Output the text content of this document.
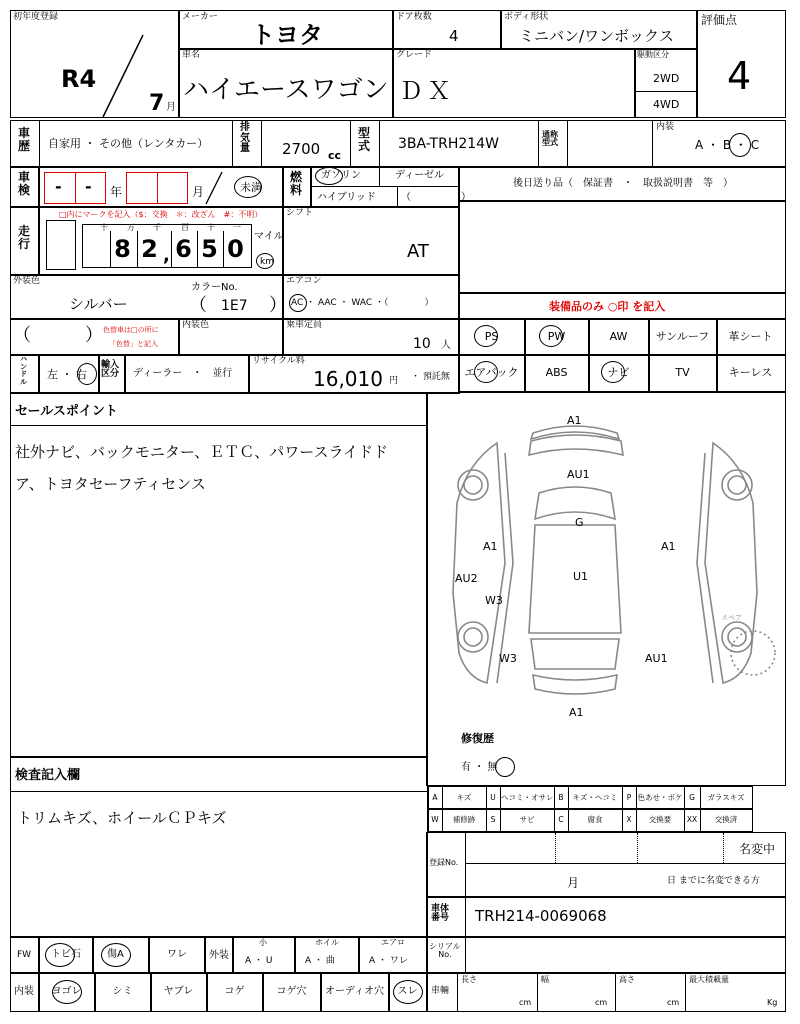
初年度登録
R4
7 月
メーカー
トヨタ
ドア枚数
4
ボディ形状
ミニバン/ワンボックス
評価点
4
車名
ハイエースワゴン
グレード
ＤＸ
駆動区分
2WD
4WD
車
歴 自家用 ・ その他（レンタカー）
排
気
量 2700 cc
型
式 3BA-TRH214W
通称
型式
内装
A ・ B ・ C
車
検 - - 年	月	未満
燃
料
ガソリン	ディーゼル
ハイブリッド	（　　　　　）
後日送り品（　保証書　・　取扱説明書　等　）
走
行
□内にマークを記入（$：交換　＊：改ざん　#：不明）
十 万 千	百 十 一
8 2 , 6 5 0	マイル
km
シフト
AT
外装色
シルバー
カラーNo.
（ 1E7 ）
エアコン
AC ・ AAC ・ WAC ・（　　　　）	装備品のみ ○印 を記入
（	） 色替車は□の所に
「色替」と記入
内装色	乗車定員
10 人
PS	PW	AW	サンルーフ	革シート
エアバック	ABS	ナビ	TV	キーレス
ハ
ン
ド
ル
左 ・ 右
輸入
区分 ディーラー　・　並行
リサイクル料
16,010 円 ・ 預託無
セールスポイント
社外ナビ、バックモニター、ＥＴＣ、パワースライドド
ア、トヨタセーフティセンス
A1
AU1
G
U1
A1	A1
AU2
W3
W3	AU1
A1
スペア
修復歴
有 ・ 無
検査記入欄
トリムキズ、ホイールＣＰキズ
A	キズ	U ヘコミ・オサレ B	キズ・ヘコミ	P 色あせ・ボケ G	ガラスキズ
W	補修跡	S	サビ	C	腐食	X	交換要	XX	交換済
登録No.
名変中
月	日 までに名変できる方
車体
番号 TRH214-0069068
FW トビ石	傷A	ワレ 外装
小
A ・ U
ホイル
A ・ 曲
エアロ
A ・ ワレ
シリアル
No.
内装	ヨゴレ	シミ	ヤブレ	コゲ	コゲ穴	オーディオ穴	スレ	車輛
長さ
cm
幅
cm
高さ
cm
最大積載量
Kg
